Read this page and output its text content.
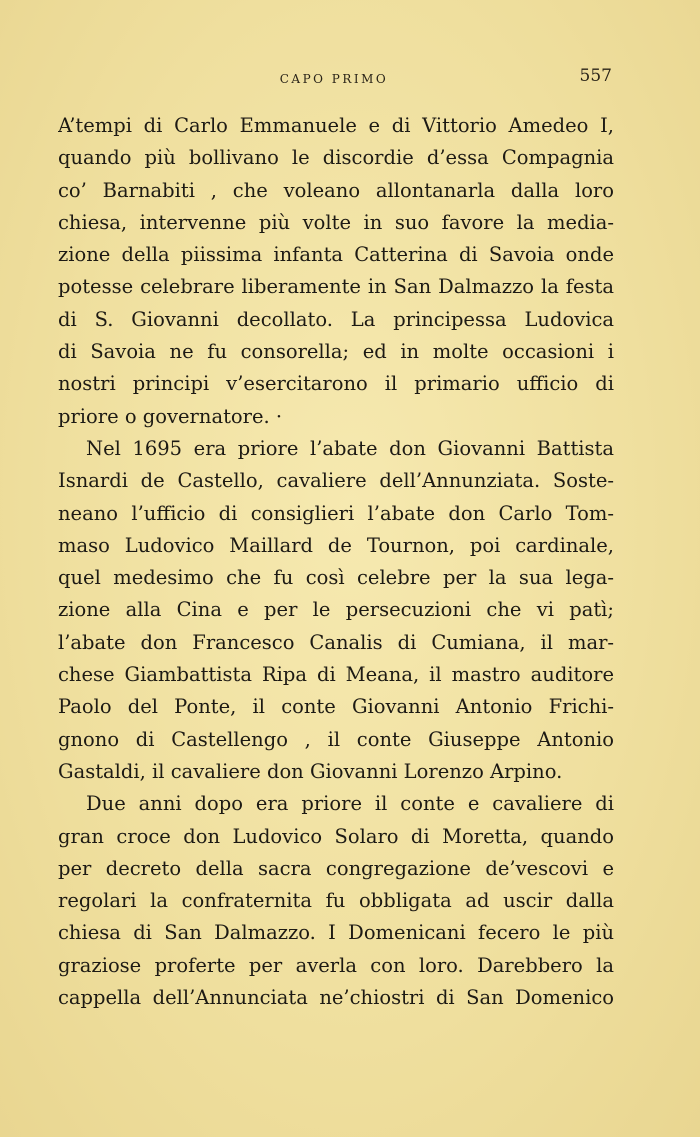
CAPO PRIMO	557
A’tempi di Carlo Emmanuele e di Vittorio Amedeo I,
quando più bollivano le discordie d’essa Compagnia
co’ Barnabiti , che voleano allontanarla dalla loro
chiesa, intervenne più volte in suo favore la media-
zione della piissima infanta Catterina di Savoia onde
potesse celebrare liberamente in San Dalmazzo la festa
di S. Giovanni decollato. La principessa Ludovica
di Savoia ne fu consorella; ed in molte occasioni i
nostri principi v’esercitarono il primario ufficio di
priore o governatore. ·
Nel 1695 era priore l’abate don Giovanni Battista
Isnardi de Castello, cavaliere dell’Annunziata. Soste-
neano l’ufficio di consiglieri l’abate don Carlo Tom-
maso Ludovico Maillard de Tournon, poi cardinale,
quel medesimo che fu così celebre per la sua lega-
zione alla Cina e per le persecuzioni che vi patì;
l’abate don Francesco Canalis di Cumiana, il mar-
chese Giambattista Ripa di Meana, il mastro auditore
Paolo del Ponte, il conte Giovanni Antonio Frichi-
gnono di Castellengo , il conte Giuseppe Antonio
Gastaldi, il cavaliere don Giovanni Lorenzo Arpino.
Due anni dopo era priore il conte e cavaliere di
gran croce don Ludovico Solaro di Moretta, quando
per decreto della sacra congregazione de’vescovi e
regolari la confraternita fu obbligata ad uscir dalla
chiesa di San Dalmazzo. I Domenicani fecero le più
graziose proferte per averla con loro. Darebbero la
cappella dell’Annunciata ne’chiostri di San Domenico
